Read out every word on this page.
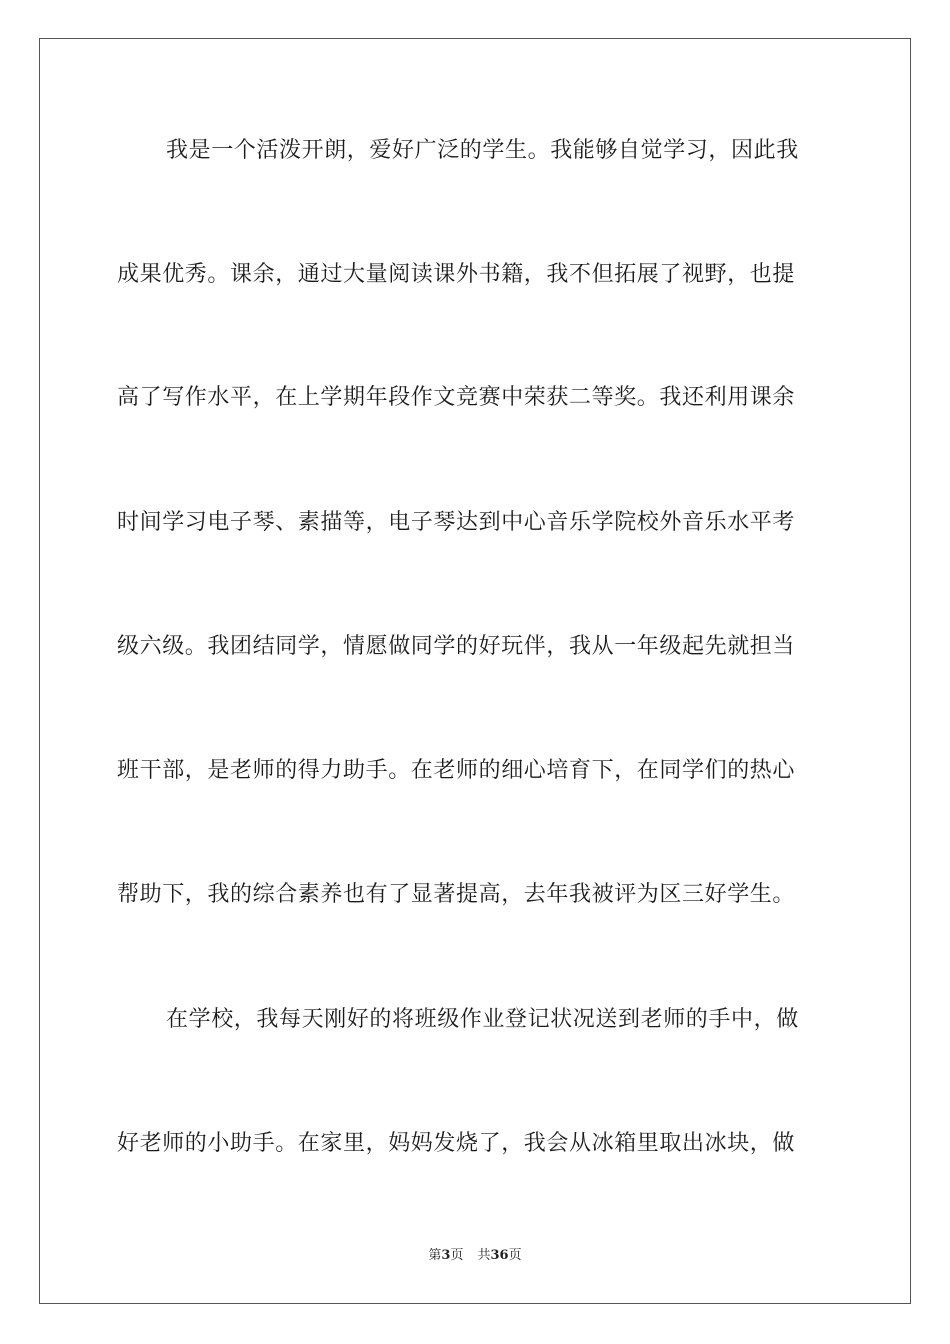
我是一个活泼开朗，爱好广泛的学生。我能够自觉学习，因此我
成果优秀。课余，通过大量阅读课外书籍，我不但拓展了视野，也提
高了写作水平，在上学期年段作文竞赛中荣获二等奖。我还利用课余
时间学习电子琴、素描等，电子琴达到中心音乐学院校外音乐水平考
级六级。我团结同学，情愿做同学的好玩伴，我从一年级起先就担当
班干部，是老师的得力助手。在老师的细心培育下，在同学们的热心
帮助下，我的综合素养也有了显著提高，去年我被评为区三好学生。
在学校，我每天刚好的将班级作业登记状况送到老师的手中，做
好老师的小助手。在家里，妈妈发烧了，我会从冰箱里取出冰块，做
第3页 共36页
